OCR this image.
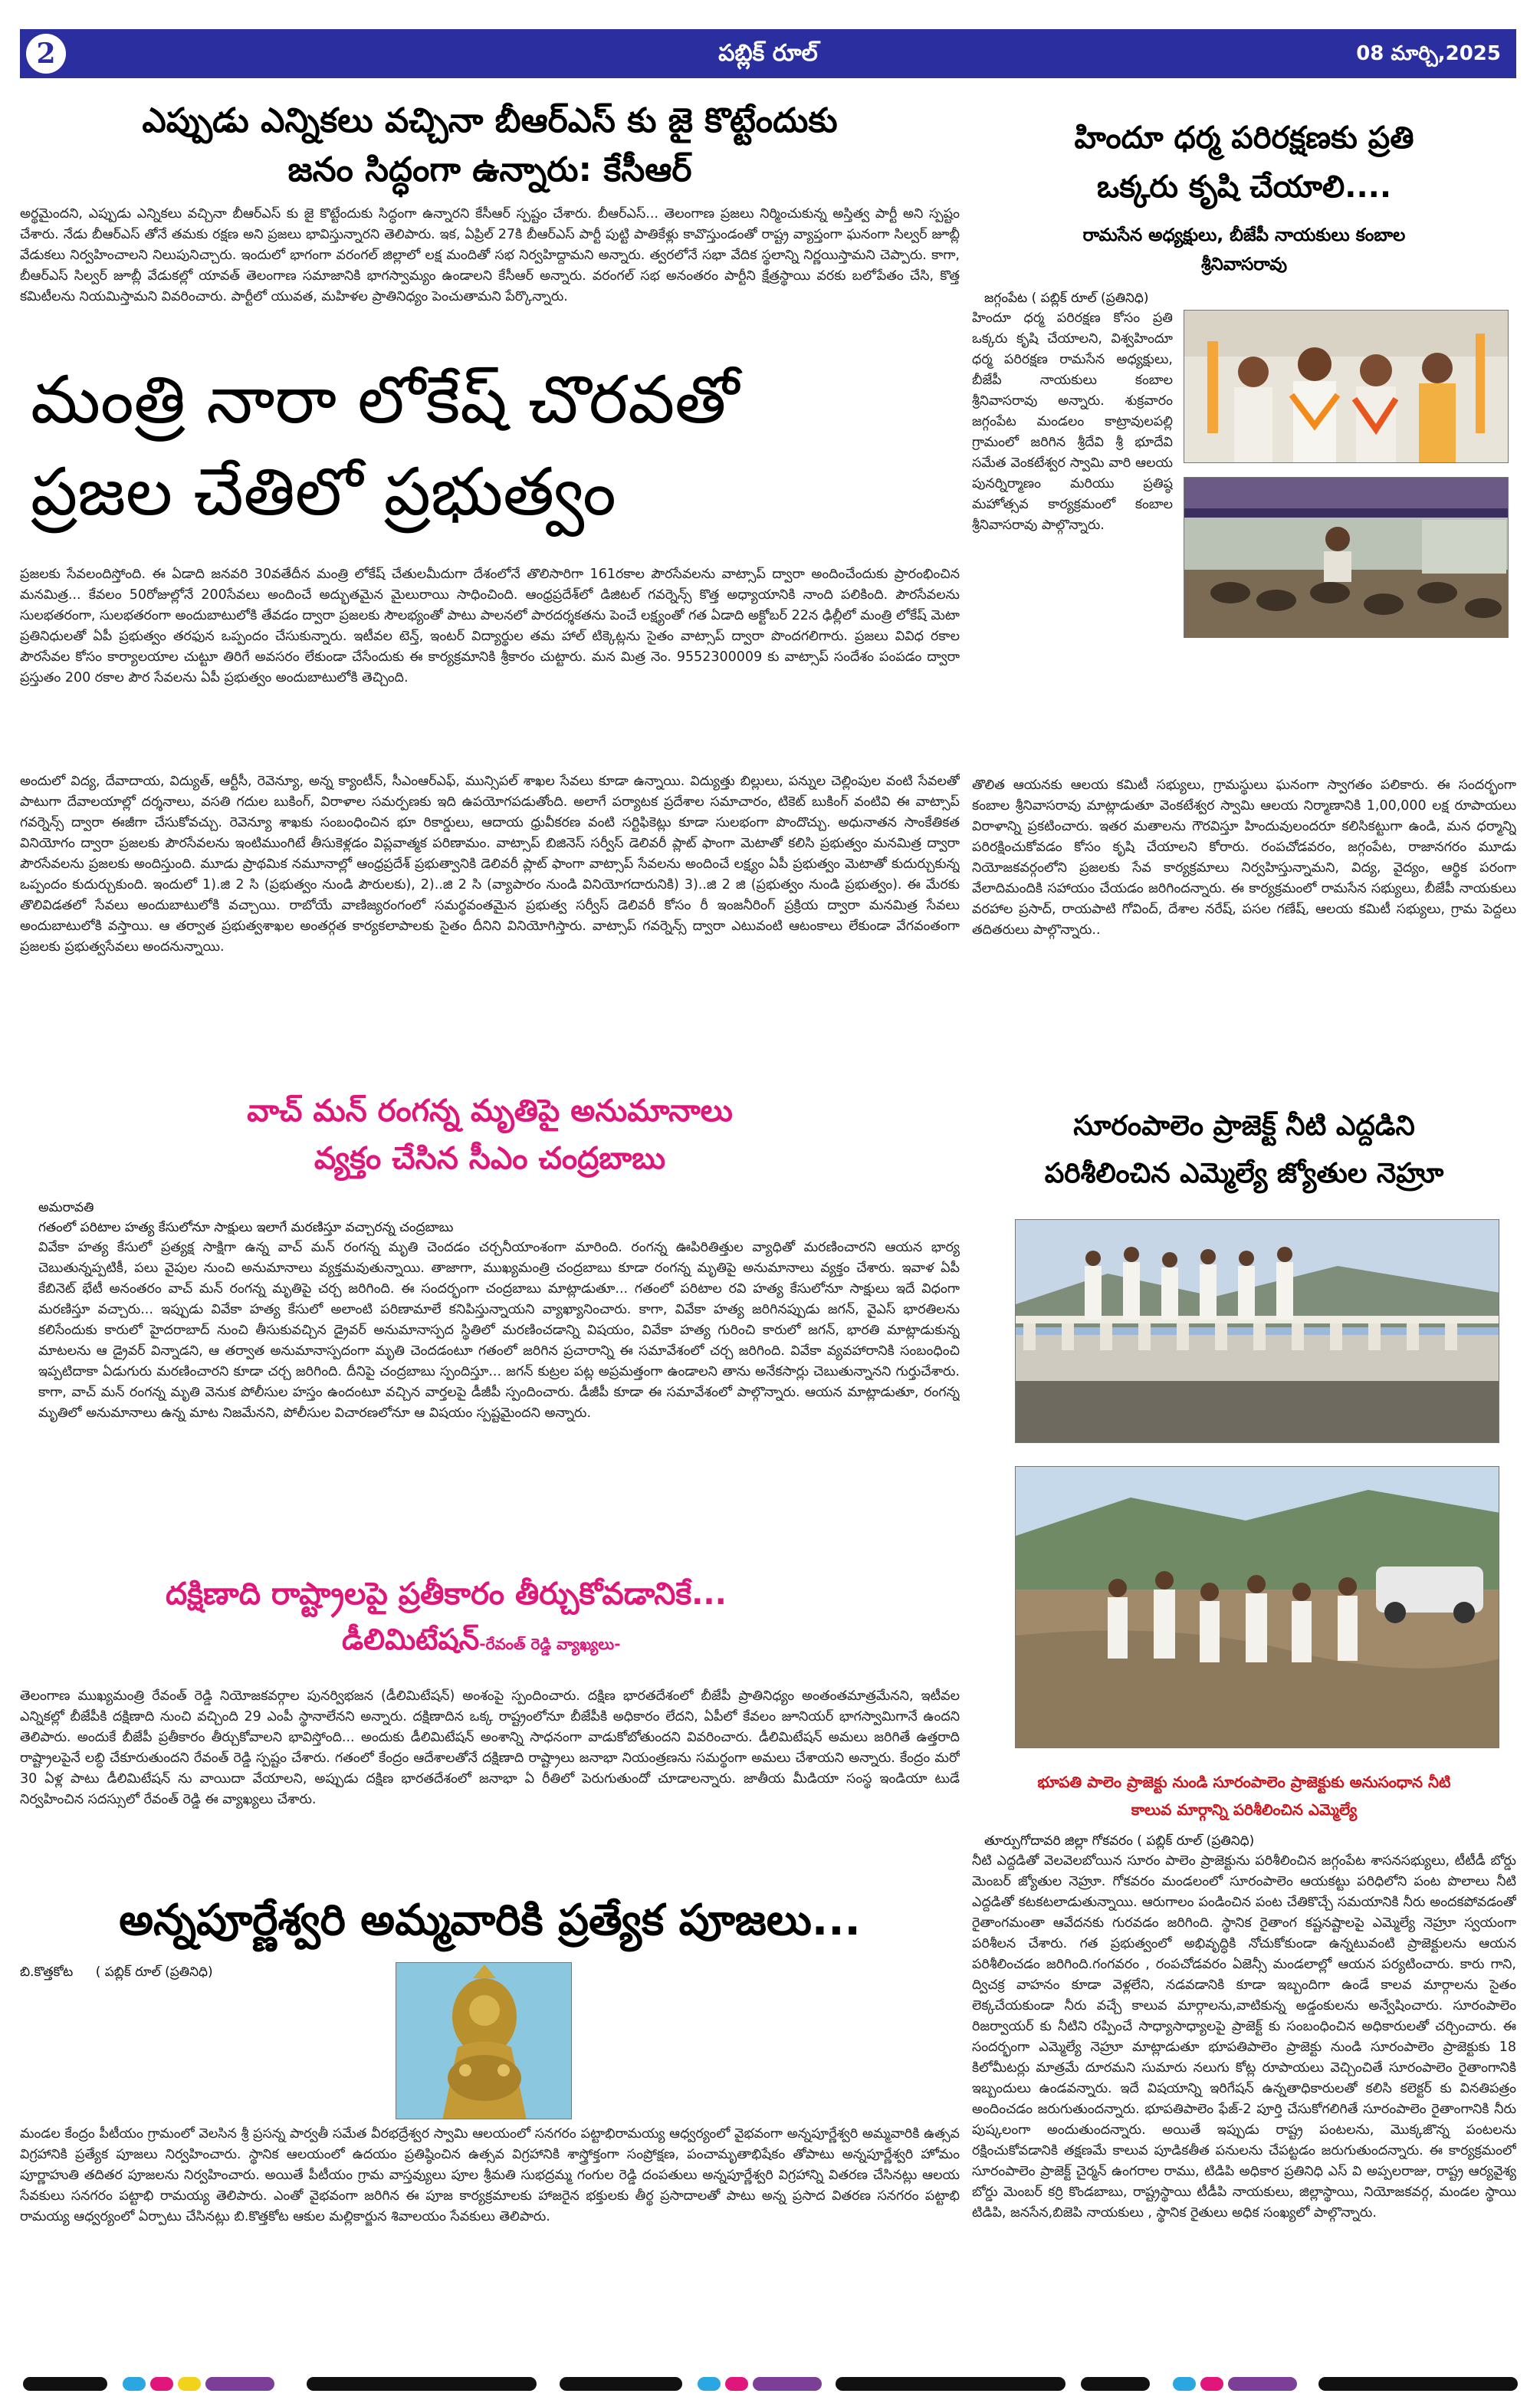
2	పబ్లిక్ రూల్	08 మార్చి,2025
ఎప్పుడు ఎన్నికలు వచ్చినా బీఆర్ఎస్ కు జై కొట్టేందుకు
జనం సిద్ధంగా ఉన్నారు: కేసీఆర్

అర్థమైందని, ఎప్పుడు ఎన్నికలు వచ్చినా బీఆర్ఎస్ కు జై కొట్టేందుకు సిద్ధంగా ఉన్నారని కేసీఆర్ స్పష్టం చేశారు. బీఆర్ఎస్... తెలంగాణ ప్రజలు నిర్మించుకున్న అస్తిత్వ పార్టీ అని స్పష్టం చేశారు. నేడు బీఆర్ఎస్ తోనే తమకు రక్షణ అని ప్రజలు భావిస్తున్నారని తెలిపారు. ఇక, ఏప్రిల్ 27కి బీఆర్ఎస్ పార్టీ పుట్టి పాతికేళ్లు కావొస్తుండంతో రాష్ట్ర వ్యాప్తంగా ఘనంగా సిల్వర్ జూబ్లీ వేడుకలు నిర్వహించాలని నిలుపునిచ్చారు. ఇందులో భాగంగా వరంగల్ జిల్లాలో లక్ష మందితో సభ నిర్వహిద్దామని అన్నారు. త్వరలోనే సభా వేదిక స్థలాన్ని నిర్ణయిస్తామని చెప్పారు. కాగా, బీఆర్ఎస్ సిల్వర్ జూబ్లీ వేడుకల్లో యావత్ తెలంగాణ సమాజానికి భాగస్వామ్యం ఉండాలని కేసీఆర్ అన్నారు. వరంగల్ సభ అనంతరం పార్టీని క్షేత్రస్థాయి వరకు బలోపేతం చేసి, కొత్త కమిటీలను నియమిస్తామని వివరించారు. పార్టీలో యువత, మహిళల ప్రాతినిధ్యం పెంచుతామని పేర్కొన్నారు.

మంత్రి నారా లోకేష్ చొరవతో
ప్రజల చేతిలో ప్రభుత్వం

ప్రజలకు సేవలందిస్తోంది. ఈ ఏడాది జనవరి 30వతేదీన మంత్రి లోకేష్ చేతులమీదుగా దేశంలోనే తొలిసారిగా 161రకాల పౌరసేవలను వాట్సాప్ ద్వారా అందించేందుకు ప్రారంభించిన మనమిత్ర... కేవలం 50రోజుల్లోనే 200సేవలు అందించే అద్భుతమైన మైలురాయి సాధించింది. ఆంధ్రప్రదేశ్‌లో డిజిటల్ గవర్నెన్స్ కొత్త అధ్యాయానికి నాంది పలికింది. పౌరసేవలను సులభతరంగా, సులభతరంగా అందుబాటులోకి తేవడం ద్వారా ప్రజలకు సౌలభ్యంతో పాటు పాలనలో పారదర్శకతను పెంచే లక్ష్యంతో గత ఏడాది అక్టోబర్ 22న ఢిల్లీలో మంత్రి లోకేష్ మెటా ప్రతినిధులతో ఏపీ ప్రభుత్వం తరఫున ఒప్పందం చేసుకున్నారు. ఇటీవల టెన్త్, ఇంటర్ విద్యార్థుల తమ హాల్ టిక్కెట్లను సైతం వాట్సాప్ ద్వారా పొందగలిగారు. ప్రజలు వివిధ రకాల పౌరసేవల కోసం కార్యాలయాల చుట్టూ తిరిగే అవసరం లేకుండా చేసేందుకు ఈ కార్యక్రమానికి శ్రీకారం చుట్టారు. మన మిత్ర నెం. 9552300009 కు వాట్సాప్ సందేశం పంపడం ద్వారా ప్రస్తుతం 200 రకాల పౌర సేవలను ఏపీ ప్రభుత్వం అందుబాటులోకి తెచ్చింది.

అందులో విద్య, దేవాదాయ, విద్యుత్, ఆర్టీసీ, రెవెన్యూ, అన్న క్యాంటీన్, సీఎంఆర్ఎఫ్, మున్సిపల్ శాఖల సేవలు కూడా ఉన్నాయి. విద్యుత్తు బిల్లులు, పన్నుల చెల్లింపుల వంటి సేవలతో పాటుగా దేవాలయాల్లో దర్శనాలు, వసతి గదుల బుకింగ్, విరాళాల సమర్పణకు ఇది ఉపయోగపడుతోంది. అలాగే పర్యాటక ప్రదేశాల సమాచారం, టికెట్ బుకింగ్ వంటివి ఈ వాట్సాప్ గవర్నెన్స్ ద్వారా ఈజీగా చేసుకోవచ్చు. రెవెన్యూ శాఖకు సంబంధించిన భూ రికార్డులు, ఆదాయ ధ్రువీకరణ వంటి సర్టిఫికెట్లు కూడా సులభంగా పొందొచ్చు. అధునాతన సాంకేతికత వినియోగం ద్వారా ప్రజలకు పౌరసేవలను ఇంటిముంగిటే తీసుకెళ్లడం విప్లవాత్మక పరిణామం. వాట్సాప్ బిజినెస్ సర్వీస్ డెలివరీ ప్లాట్ ఫాంగా మెటాతో కలిసి ప్రభుత్వం మనమిత్ర ద్వారా పౌరసేవలను ప్రజలకు అందిస్తుంది. మూడు ప్రాథమిక నమూనాల్లో ఆంధ్రప్రదేశ్ ప్రభుత్వానికి డెలివరీ ప్లాట్ ఫాంగా వాట్సాప్ సేవలను అందించే లక్ష్యం ఏపీ ప్రభుత్వం మెటాతో కుదుర్చుకున్న ఒప్పందం కుదుర్చుకుంది. ఇందులో 1).జి 2 సి (ప్రభుత్వం నుండి పౌరులకు), 2)..జి 2 సి (వ్యాపారం నుండి వినియోగదారునికి) 3)..జి 2 జి (ప్రభుత్వం నుండి ప్రభుత్వం). ఈ మేరకు తొలివిడతలో సేవలు అందుబాటులోకి వచ్చాయి. రాబోయే వాణిజ్యరంగంలో సమర్థవంతమైన ప్రభుత్వ సర్వీస్ డెలివరీ కోసం రీ ఇంజనీరింగ్ ప్రక్రియ ద్వారా మనమిత్ర సేవలు అందుబాటులోకి వస్తాయి. ఆ తర్వాత ప్రభుత్వశాఖల అంతర్గత కార్యకలాపాలకు సైతం దీనిని వినియోగిస్తారు. వాట్సాప్ గవర్నెన్స్ ద్వారా ఎటువంటి ఆటంకాలు లేకుండా వేగవంతంగా ప్రజలకు ప్రభుత్వసేవలు అందనున్నాయి.

వాచ్ మన్ రంగన్న మృతిపై అనుమానాలు
వ్యక్తం చేసిన సీఎం చంద్రబాబు
అమరావతి
గతంలో పరిటాల హత్య కేసులోనూ సాక్షులు ఇలాగే మరణిస్తూ వచ్చారన్న చంద్రబాబు

వివేకా హత్య కేసులో ప్రత్యక్ష సాక్షిగా ఉన్న వాచ్ మన్ రంగన్న మృతి చెందడం చర్చనీయాంశంగా మారింది. రంగన్న ఊపిరితిత్తుల వ్యాధితో మరణించారని ఆయన భార్య చెబుతున్నప్పటికీ, పలు వైపుల నుంచి అనుమానాలు వ్యక్తమవుతున్నాయి. తాజాగా, ముఖ్యమంత్రి చంద్రబాబు కూడా రంగన్న మృతిపై అనుమానాలు వ్యక్తం చేశారు. ఇవాళ ఏపీ కేబినెట్ భేటీ అనంతరం వాచ్ మన్ రంగన్న మృతిపై చర్చ జరిగింది. ఈ సందర్భంగా చంద్రబాబు మాట్లాడుతూ... గతంలో పరిటాల రవి హత్య కేసులోనూ సాక్షులు ఇదే విధంగా మరణిస్తూ వచ్చారు... ఇప్పుడు వివేకా హత్య కేసులో అలాంటి పరిణామాలే కనిపిస్తున్నాయని వ్యాఖ్యానించారు. కాగా, వివేకా హత్య జరిగినప్పుడు జగన్, వైఎస్ భారతిలను కలిసేందుకు కారులో హైదరాబాద్ నుంచి తీసుకువచ్చిన డ్రైవర్ అనుమానాస్పద స్థితిలో మరణించడాన్ని విషయం, వివేకా హత్య గురించి కారులో జగన్, భారతి మాట్లాడుకున్న మాటలను ఆ డ్రైవర్ విన్నాడని, ఆ తర్వాత అనుమానాస్పదంగా మృతి చెందడంటూ గతంలో జరిగిన ప్రచారాన్ని ఈ సమావేశంలో చర్చ జరిగింది. వివేకా వ్యవహారానికి సంబంధించి ఇప్పటిదాకా ఏడుగురు మరణించారని కూడా చర్చ జరిగింది. దీనిపై చంద్రబాబు స్పందిస్తూ... జగన్ కుట్రల పట్ల అప్రమత్తంగా ఉండాలని తాను అనేకసార్లు చెబుతున్నానని గుర్తుచేశారు. కాగా, వాచ్ మన్ రంగన్న మృతి వెనుక పోలీసుల హస్తం ఉందంటూ వచ్చిన వార్తలపై డీజీపీ స్పందించారు. డీజీపీ కూడా ఈ సమావేశంలో పాల్గొన్నారు. ఆయన మాట్లాడుతూ, రంగన్న మృతిలో అనుమానాలు ఉన్న మాట నిజమేనని, పోలీసుల విచారణలోనూ ఆ విషయం స్పష్టమైందని అన్నారు.

దక్షిణాది రాష్ట్రాలపై ప్రతీకారం తీర్చుకోవడానికే...
డీలిమిటేషన్-రేవంత్ రెడ్డి వ్యాఖ్యలు-

తెలంగాణ ముఖ్యమంత్రి రేవంత్ రెడ్డి నియోజకవర్గాల పునర్విభజన (డీలిమిటేషన్) అంశంపై స్పందించారు. దక్షిణ భారతదేశంలో బీజేపీ ప్రాతినిధ్యం అంతంతమాత్రమేనని, ఇటీవల ఎన్నికల్లో బీజేపీకి దక్షిణాది నుంచి వచ్చింది 29 ఎంపీ స్థానాలేనని అన్నారు. దక్షిణాదిన ఒక్క రాష్ట్రంలోనూ బీజేపీకి అధికారం లేదని, ఏపీలో కేవలం జూనియర్ భాగస్వామిగానే ఉందని తెలిపారు. అందుకే బీజేపీ ప్రతీకారం తీర్చుకోవాలని భావిస్తోంది... అందుకు డీలిమిటేషన్ అంశాన్ని సాధనంగా వాడుకోబోతుందని వివరించారు. డీలిమిటేషన్ అమలు జరిగితే ఉత్తరాది రాష్ట్రాలపైనే లబ్ధి చేకూరుతుందని రేవంత్ రెడ్డి స్పష్టం చేశారు. గతంలో కేంద్రం ఆదేశాలతోనే దక్షిణాది రాష్ట్రాలు జనాభా నియంత్రణను సమర్థంగా అమలు చేశాయని అన్నారు. కేంద్రం మరో 30 ఏళ్ల పాటు డీలిమిటేషన్ ను వాయిదా వేయాలని, అప్పుడు దక్షిణ భారతదేశంలో జనాభా ఏ రీతిలో పెరుగుతుందో చూడాలన్నారు. జాతీయ మీడియా సంస్థ ఇండియా టుడే నిర్వహించిన సదస్సులో రేవంత్ రెడ్డి ఈ వ్యాఖ్యలు చేశారు.

అన్నపూర్ణేశ్వరి అమ్మవారికి ప్రత్యేక పూజలు...
బి.కొత్తకోట ( పబ్లిక్ రూల్ (ప్రతినిధి)

మండల కేంద్రం పీటీయం గ్రామంలో వెలసిన శ్రీ ప్రసన్న పార్వతీ సమేత వీరభద్రేశ్వర స్వామి ఆలయంలో సనగరం పట్టాభిరామయ్య ఆధ్వర్యంలో వైభవంగా అన్నపూర్ణేశ్వరి అమ్మవారికి ఉత్సవ విగ్రహానికి ప్రత్యేక పూజలు నిర్వహించారు. స్థానిక ఆలయంలో ఉదయం ప్రతిష్ఠించిన ఉత్సవ విగ్రహానికి శాస్త్రోక్తంగా సంప్రోక్షణ, పంచామృతాభిషేకం తోపాటు అన్నపూర్ణేశ్వరి హోమం పూర్ణాహుతి తదితర పూజలను నిర్వహించారు. అయితే పీటీయం గ్రామ వాస్తవ్యులు పూల శ్రీమతి సుభద్రమ్మ గంగుల రెడ్డి దంపతులు అన్నపూర్ణేశ్వరి విగ్రహాన్ని వితరణ చేసినట్లు ఆలయ సేవకులు సనగరం పట్టాభి రామయ్య తెలిపారు. ఎంతో వైభవంగా జరిగిన ఈ పూజ కార్యక్రమాలకు హాజరైన భక్తులకు తీర్థ ప్రసాదాలతో పాటు అన్న ప్రసాద వితరణ సనగరం పట్టాభి రామయ్య ఆధ్వర్యంలో ఏర్పాటు చేసినట్లు బి.కొత్తకోట ఆకుల మల్లికార్జున శివాలయం సేవకులు తెలిపారు.

హిందూ ధర్మ పరిరక్షణకు ప్రతి
ఒక్కరు కృషి చేయాలి....
రామసేన అధ్యక్షులు, బీజేపీ నాయకులు కంబాల
శ్రీనివాసరావు
జగ్గంపేట ( పబ్లిక్ రూల్ (ప్రతినిధి)

హిందూ ధర్మ పరిరక్షణ కోసం ప్రతి ఒక్కరు కృషి చేయాలని, విశ్వహిందూ ధర్మ పరిరక్షణ రామసేన అధ్యక్షులు, బీజేపీ నాయకులు కంబాల శ్రీనివాసరావు అన్నారు. శుక్రవారం జగ్గంపేట మండలం కాట్రావులపల్లి గ్రామంలో జరిగిన శ్రీదేవి శ్రీ భూదేవి సమేత వెంకటేశ్వర స్వామి వారి ఆలయ పునర్నిర్మాణం మరియు ప్రతిష్ఠ మహోత్సవ కార్యక్రమంలో కంబాల శ్రీనివాసరావు పాల్గొన్నారు.

తొలిత ఆయనకు ఆలయ కమిటీ సభ్యులు, గ్రామస్థులు ఘనంగా స్వాగతం పలికారు. ఈ సందర్భంగా కంబాల శ్రీనివాసరావు మాట్లాడుతూ వెంకటేశ్వర స్వామి ఆలయ నిర్మాణానికి 1,00,000 లక్ష రూపాయలు విరాళాన్ని ప్రకటించారు. ఇతర మతాలను గౌరవిస్తూ హిందువులందరూ కలిసికట్టుగా ఉండి, మన ధర్మాన్ని పరిరక్షించుకోవడం కోసం కృషి చేయాలని కోరారు. రంపచోడవరం, జగ్గంపేట, రాజానగరం మూడు నియోజకవర్గంలోని ప్రజలకు సేవ కార్యక్రమాలు నిర్వహిస్తున్నామని, విద్య, వైద్యం, ఆర్థిక పరంగా వేలాదిమందికి సహాయం చేయడం జరిగిందన్నారు. ఈ కార్యక్రమంలో రామసేన సభ్యులు, బీజేపీ నాయకులు వరహాల ప్రసాద్, రాయపాటి గోవింద్, దేశాల నరేష్, పసల గణేష్, ఆలయ కమిటీ సభ్యులు, గ్రామ పెద్దలు తదితరులు పాల్గొన్నారు..

సూరంపాలెం ప్రాజెక్ట్ నీటి ఎద్దడిని
పరిశీలించిన ఎమ్మెల్యే జ్యోతుల నెహ్రూ
భూపతి పాలెం ప్రాజెక్టు నుండి సూరంపాలెం ప్రాజెక్టుకు అనుసంధాన నీటి
కాలువ మార్గాన్ని పరిశీలించిన ఎమ్మెల్యే
తూర్పుగోదావరి జిల్లా గోకవరం ( పబ్లిక్ రూల్ (ప్రతినిధి)

నీటి ఎద్దడితో వెలవెలబోయిన సూరం పాలెం ప్రాజెక్టును పరిశీలించిన జగ్గంపేట శాసనసభ్యులు, టీటీడీ బోర్డు మెంబర్ జ్యోతుల నెహ్రూ. గోకవరం మండలంలో సూరంపాలెం ఆయకట్టు పరిధిలోని పంట పొలాలు నీటి ఎద్దడితో కటకటలాడుతున్నాయి. ఆరుగాలం పండించిన పంట చేతికొచ్చే సమయానికి నీరు అందకపోవడంతో రైతాంగమంతా ఆవేదనకు గురవడం జరిగింది. స్థానిక రైతాంగ కష్టనష్టాలపై ఎమ్మెల్యే నెహ్రూ స్వయంగా పరిశీలన చేశారు. గత ప్రభుత్వంలో అభివృద్ధికి నోచుకోకుండా ఉన్నటువంటి ప్రాజెక్టులను ఆయన పరిశీలించడం జరిగింది.గంగవరం , రంపచోడవరం ఏజెన్సీ మండలాల్లో ఆయన పర్యటించారు. కారు గాని, ద్విచక్ర వాహనం కూడా వెళ్లలేని, నడవడానికి కూడా ఇబ్బందిగా ఉండే కాలవ మార్గాలను సైతం లెక్కచేయకుండా నీరు వచ్చే కాలువ మార్గాలను,వాటికున్న అడ్డంకులను అన్వేషించారు. సూరంపాలెం రిజర్వాయర్ కు నీటిని రప్పించే సాధ్యాసాధ్యాలపై ప్రాజెక్ట్ కు సంబంధించిన అధికారులతో చర్చించారు. ఈ సందర్భంగా ఎమ్మెల్యే నెహ్రూ మాట్లాడుతూ భూపతిపాలెం ప్రాజెక్టు నుండి సూరంపాలెం ప్రాజెక్టుకు 18 కిలోమీటర్లు మాత్రమే దూరమని సుమారు నలుగు కోట్ల రూపాయలు వెచ్చించితే సూరంపాలెం రైతాంగానికి ఇబ్బందులు ఉండవన్నారు. ఇదే విషయాన్ని ఇరిగేషన్ ఉన్నతాధికారులతో కలిసి కలెక్టర్ కు వినతిపత్రం అందించడం జరుగుతుందన్నారు. భూపతిపాలెం ఫేజ్-2 పూర్తి చేసుకోగలిగితే సూరంపాలెం రైతాంగానికి నీరు పుష్కలంగా అందుతుందన్నారు. అయితే ఇప్పుడు రాష్ట్ర పంటలను, మొక్కజొన్న పంటలను రక్షించుకోవడానికి తక్షణమే కాలువ పూడికతీత పనులను చేపట్టడం జరుగుతుందన్నారు. ఈ కార్యక్రమంలో సూరంపాలెం ప్రాజెక్ట్ చైర్మన్ ఉంగరాల రాము, టిడిపి అధికార ప్రతినిధి ఎస్ వి అప్పలరాజు, రాష్ట్ర ఆర్యవైశ్య బోర్డు మెంబర్ కర్రి కొండబాబు, రాష్ట్రస్థాయి టీడీపి నాయకులు, జిల్లాస్థాయి, నియోజకవర్గ, మండల స్థాయి టిడిపి, జనసేన,బిజెపి నాయకులు , స్థానిక రైతులు అధిక సంఖ్యలో పాల్గొన్నారు.
